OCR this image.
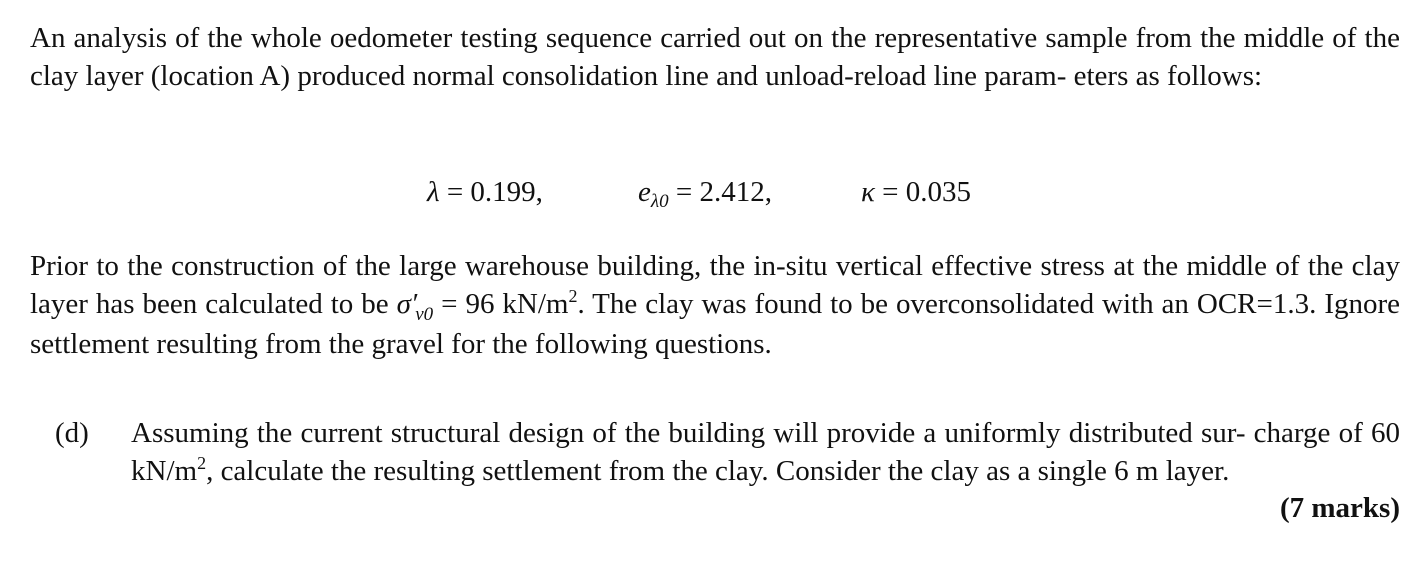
An analysis of the whole oedometer testing sequence carried out on the representative sample from the middle of the clay layer (location A) produced normal consolidation line and unload-reload line param- eters as follows:

λ = 0.199,	$e_{\lambda 0} = 2.412$,	κ = 0.035

Prior to the construction of the large warehouse building, the in-situ vertical effective stress at the middle of the clay layer has been calculated to be $\sigma'_{v0} = 96$ $kN/m^2$. The clay was found to be overconsolidated with an OCR=1.3. Ignore settlement resulting from the gravel for the following questions.

(d) Assuming the current structural design of the building will provide a uniformly distributed sur- charge of 60 $kN/m^2$, calculate the resulting settlement from the clay. Consider the clay as a single 6 m layer.

(7 marks)
